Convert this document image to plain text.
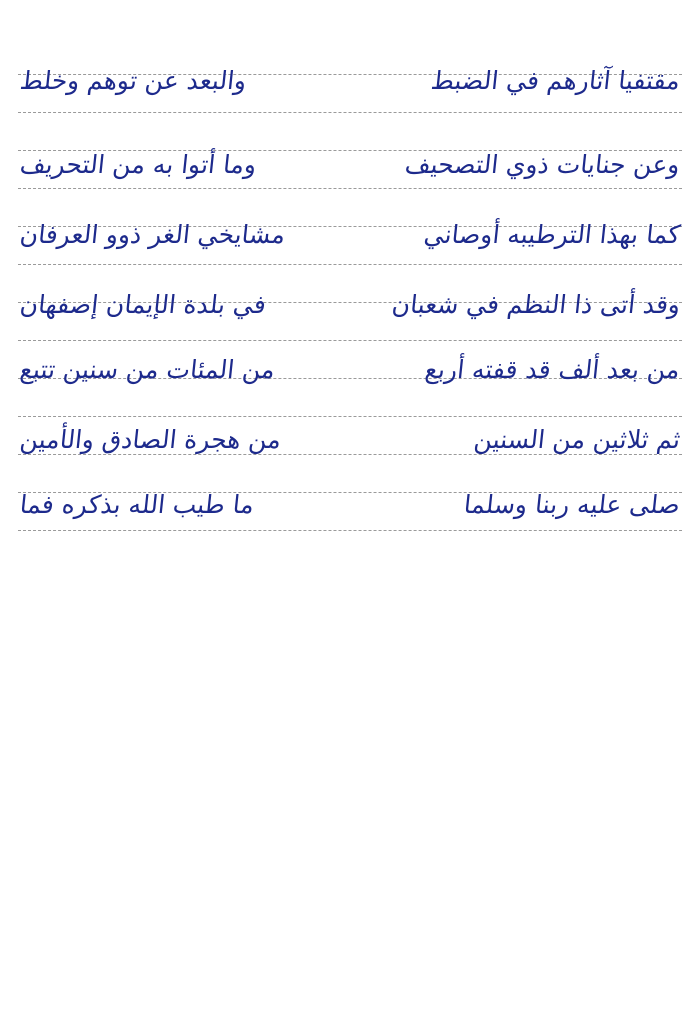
مقتفيا آثارهم في الضبط
والبعد عن توهم وخلط
وعن جنايات ذوي التصحيف
وما أتوا به من التحريف
كما بهذا الترطيبه أوصاني
مشايخي الغر ذوو العرفان
وقد أتى ذا النظم في شعبان
في بلدة الإيمان إصفهان
من بعد ألف قد قفته أربع
من المئات من سنين تتبع
ثم ثلاثين من السنين
من هجرة الصادق والأمين
صلى عليه ربنا وسلما
ما طيب الله بذكره فما
